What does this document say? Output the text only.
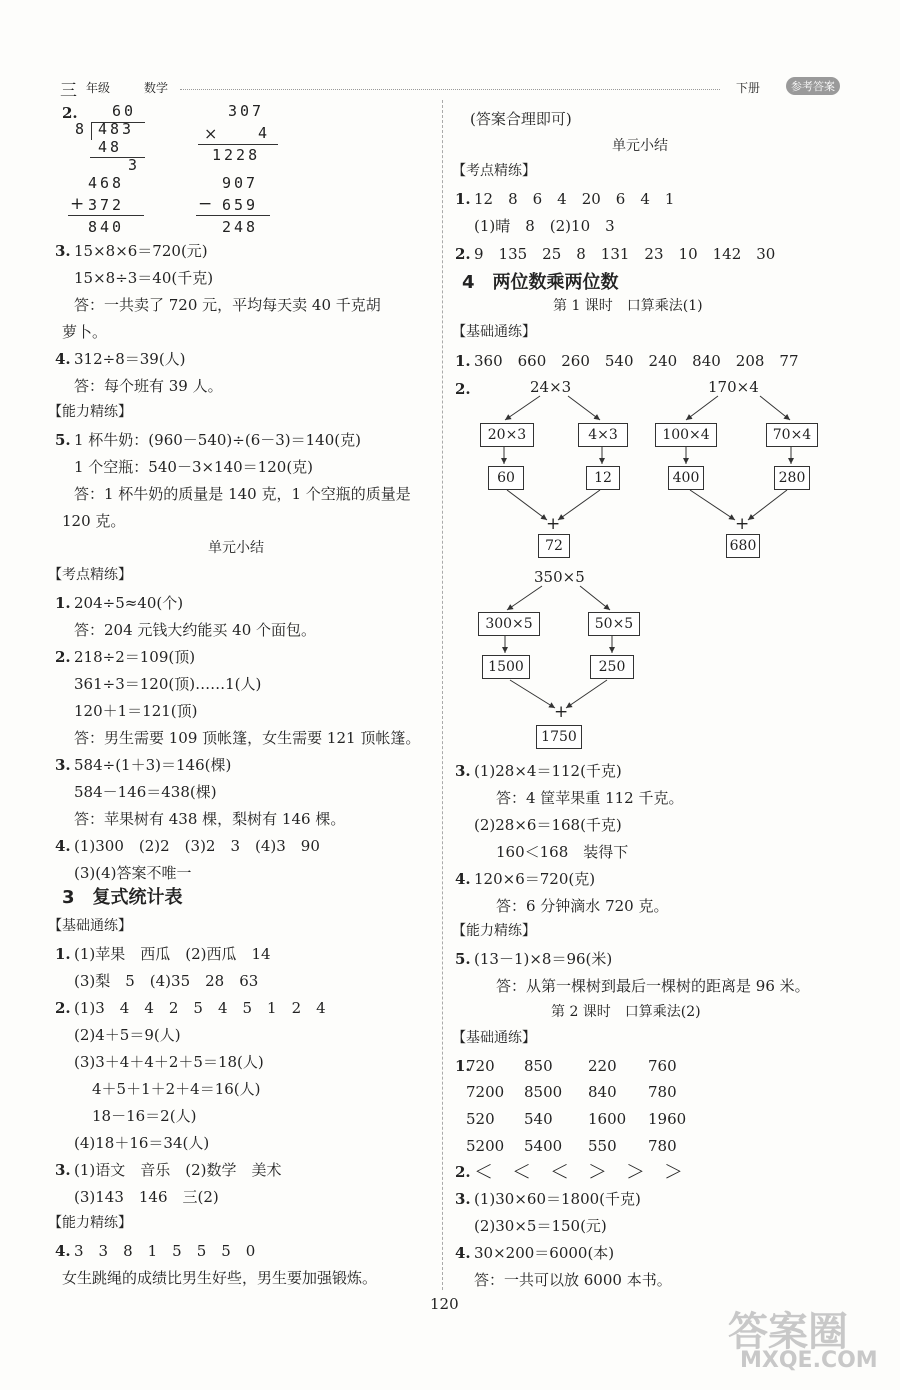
三 年级	数学	下册	参考答案
2. 60
8 483
48
3
307
×	4
1228
468
+ 372
840
907
− 659
248
3. 15×8×6＝720(元)
15×8÷3＝40(千克)
答：一共卖了 720 元，平均每天卖 40 千克胡
萝卜。
4. 312÷8＝39(人)
答：每个班有 39 人。
【能力精练】
5. 1 杯牛奶：(960－540)÷(6－3)＝140(克)
1 个空瓶：540－3×140＝120(克)
答：1 杯牛奶的质量是 140 克，1 个空瓶的质量是
120 克。
单元小结
【考点精练】
1. 204÷5≈40(个)
答：204 元钱大约能买 40 个面包。
2. 218÷2＝109(顶)
361÷3＝120(顶)……1(人)
120＋1＝121(顶)
答：男生需要 109 顶帐篷，女生需要 121 顶帐篷。
3. 584÷(1＋3)＝146(棵)
584－146＝438(棵)
答：苹果树有 438 棵，梨树有 146 棵。
4. (1)300　(2)2　(3)2　3　(4)3　90
(3)(4)答案不唯一
3　复式统计表
【基础通练】
1. (1)苹果　西瓜　(2)西瓜　14
(3)梨　5　(4)35　28　63
2. (1)3　4　4　2　5　4　5　1　2　4
(2)4＋5＝9(人)
(3)3＋4＋4＋2＋5＝18(人)
4＋5＋1＋2＋4＝16(人)
18－16＝2(人)
(4)18＋16＝34(人)
3. (1)语文　音乐　(2)数学　美术
(3)143　146　三(2)
【能力精练】
4. 3　3　8　1　5　5　5　0
女生跳绳的成绩比男生好些，男生要加强锻炼。
(答案合理即可)
单元小结
【考点精练】
1. 12　8　6　4　20　6　4　1
(1)晴　8　(2)10　3
2. 9　135　25　8　131　23　10　142　30
4　两位数乘两位数
第 1 课时　口算乘法(1)
【基础通练】
1. 360　660　260　540　240　840　208　77
2.	24×3
20×3	4×3
60	12
+
72
170×4
100×4	70×4
400	280
+
680
350×5
300×5	50×5
1500	250
+
1750
3. (1)28×4＝112(千克)
答：4 筐苹果重 112 千克。
(2)28×6＝168(千克)
160＜168　装得下
4. 120×6＝720(克)
答：6 分钟滴水 720 克。
【能力精练】
5. (13－1)×8＝96(米)
答：从第一棵树到最后一棵树的距离是 96 米。
第 2 课时　口算乘法(2)
【基础通练】
1.
720 850 220 760
7200 8500 840 780
520 540 1600 1960
5200 5400 550 780
2. ＜　＜　＜　＞　＞　＞
3. (1)30×60＝1800(千克)
(2)30×5＝150(元)
4. 30×200＝6000(本)
答：一共可以放 6000 本书。
120
答案圈
MXQE.COM
